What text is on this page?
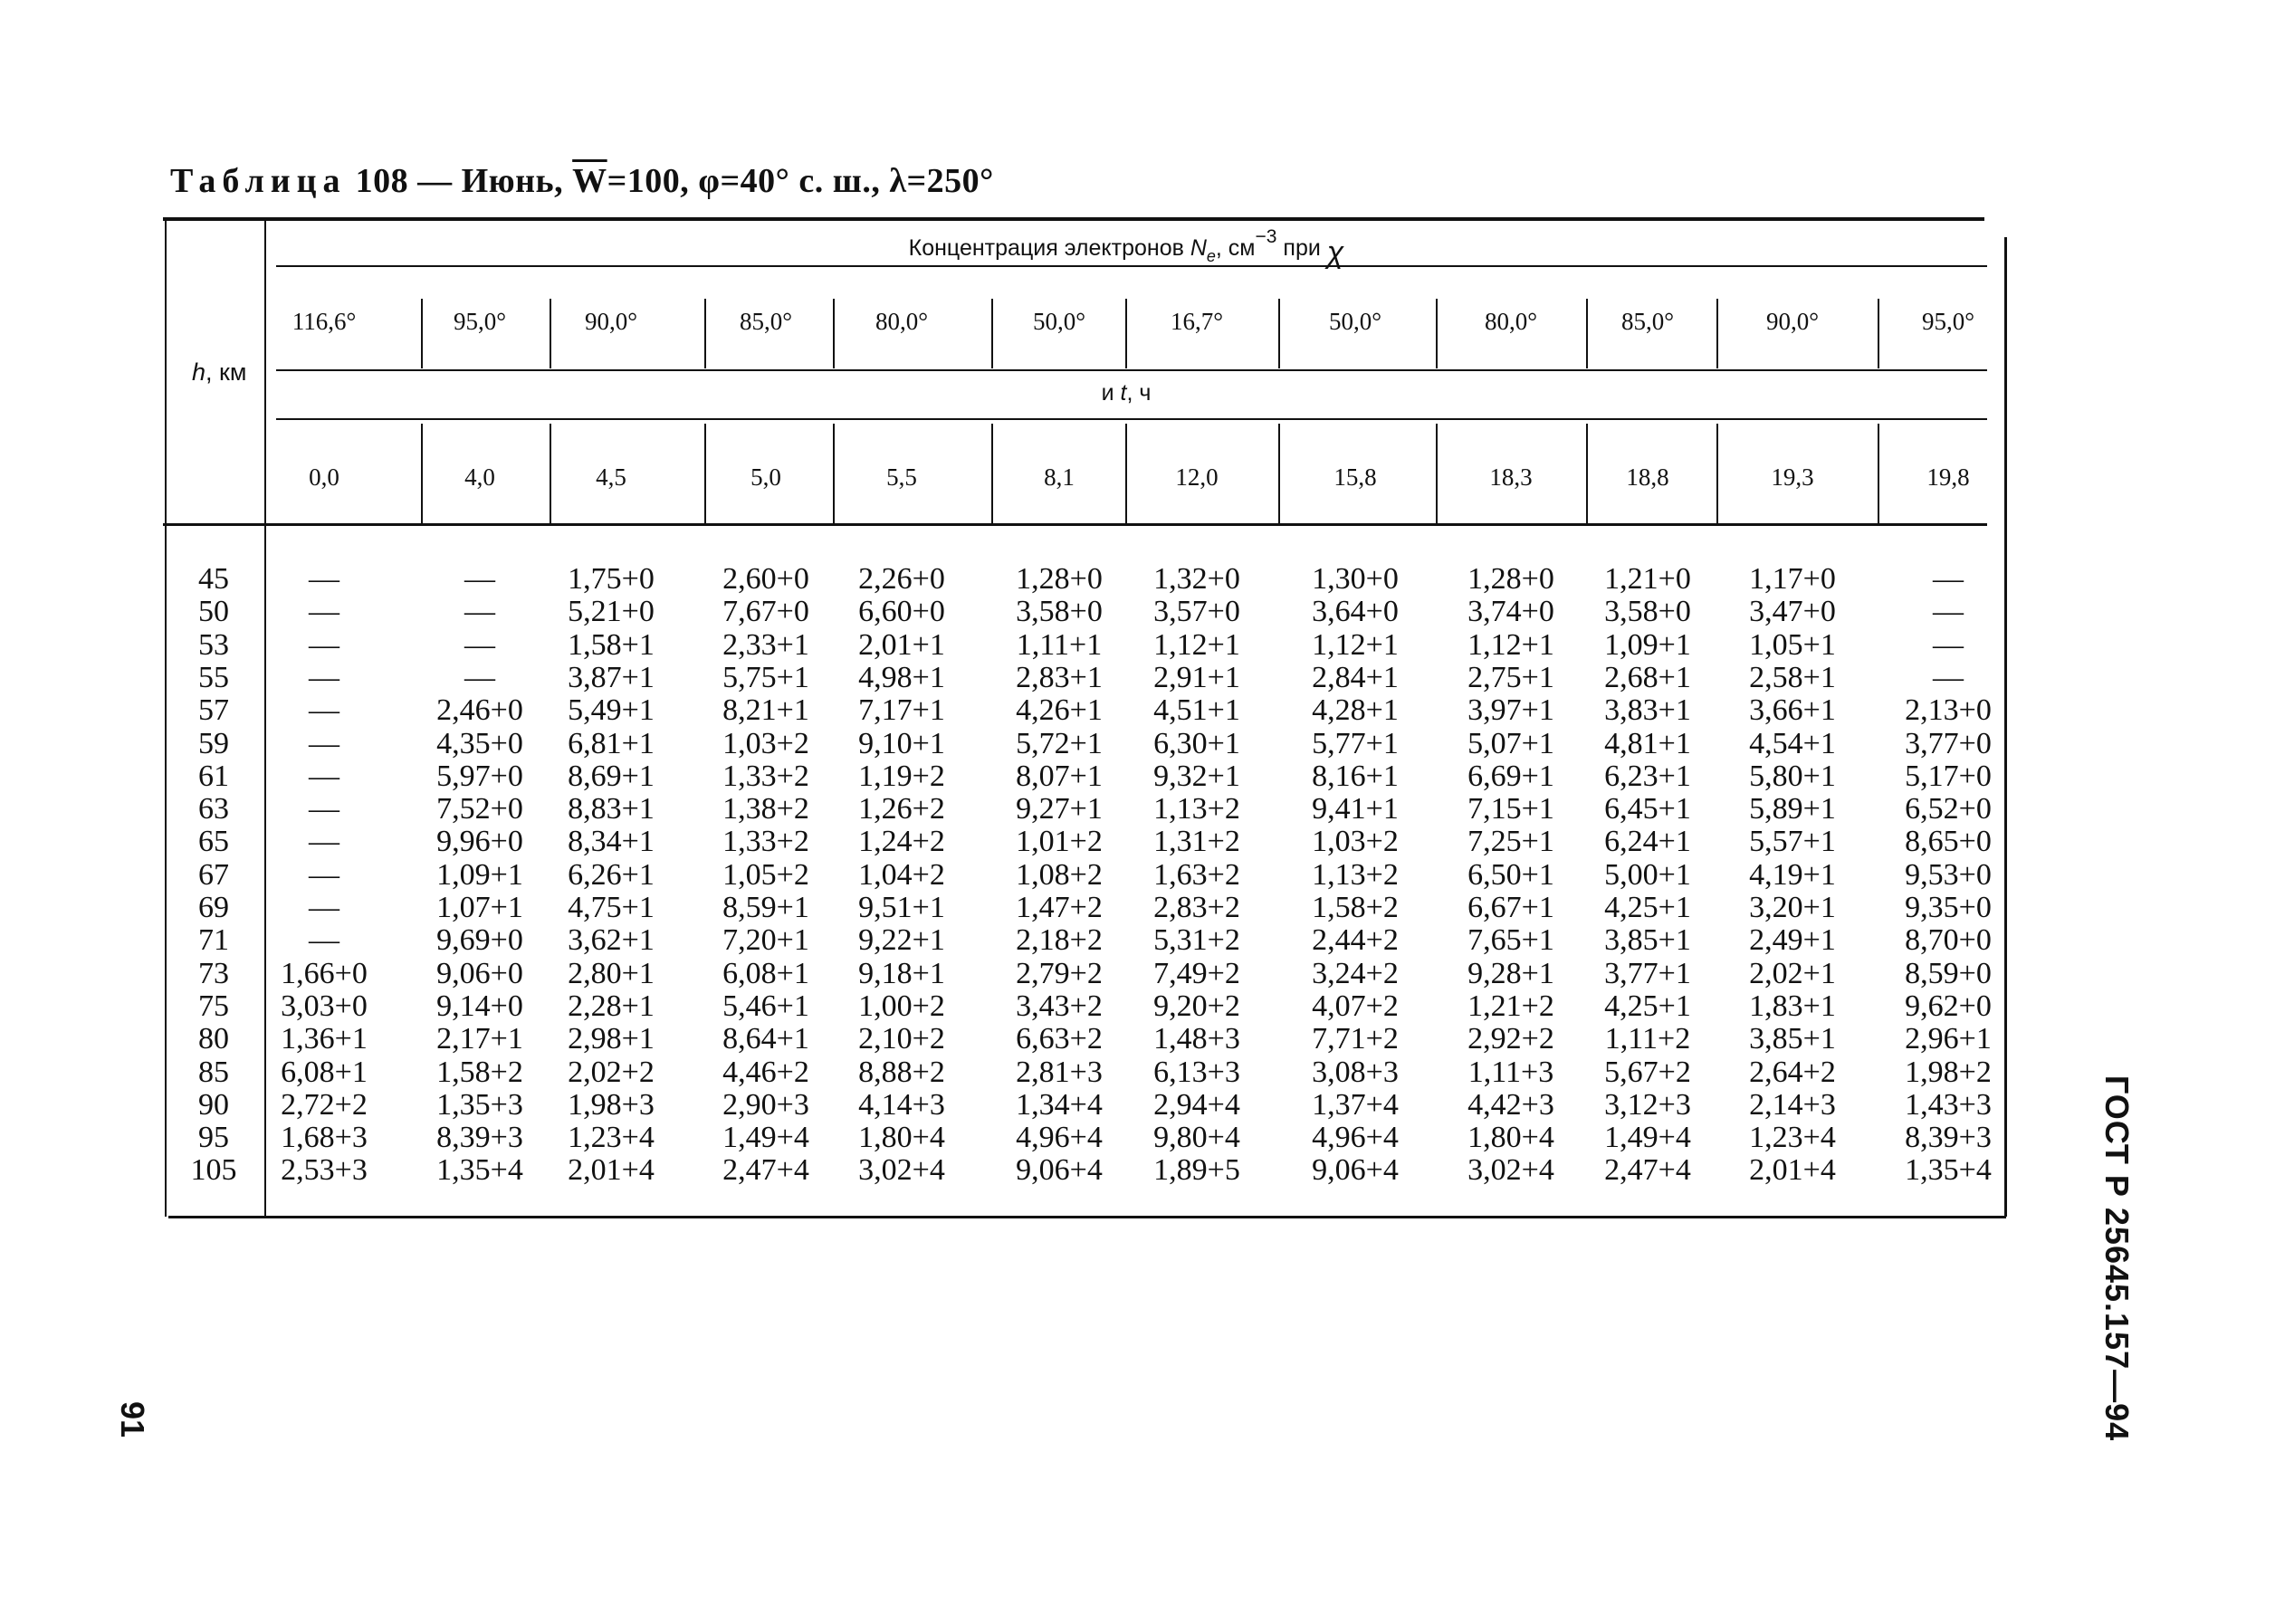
Таблица 108 — Июнь, $\overline{W}=100$, φ=40° с. ш., λ=250°
Концентрация электронов $N_e$, $см^{-3}$ при χ
и t, ч
h, км
116,6°	95,0°	90,0°	85,0°	80,0°	50,0°	16,7°	50,0°	80,0°	85,0°	90,0°	95,0°
0,0	4,0	4,5	5,0	5,5	8,1	12,0	15,8	18,3	18,8	19,3	19,8
45	—	— 1,75+0 2,60+0 2,26+0 1,28+0 1,32+0 1,30+0 1,28+0 1,21+0 1,17+0	—
50	—	— 5,21+0 7,67+0 6,60+0 3,58+0 3,57+0 3,64+0 3,74+0 3,58+0 3,47+0	—
53	—	— 1,58+1 2,33+1 2,01+1 1,11+1 1,12+1 1,12+1 1,12+1 1,09+1 1,05+1	—
55	—	— 3,87+1 5,75+1 4,98+1 2,83+1 2,91+1 2,84+1 2,75+1 2,68+1 2,58+1	—
57	—	2,46+0 5,49+1 8,21+1 7,17+1 4,26+1 4,51+1 4,28+1 3,97+1 3,83+1 3,66+1 2,13+0
59	—	4,35+0 6,81+1 1,03+2 9,10+1 5,72+1 6,30+1 5,77+1 5,07+1 4,81+1 4,54+1 3,77+0
61	—	5,97+0 8,69+1 1,33+2 1,19+2 8,07+1 9,32+1 8,16+1 6,69+1 6,23+1 5,80+1 5,17+0
63	—	7,52+0 8,83+1 1,38+2 1,26+2 9,27+1 1,13+2 9,41+1 7,15+1 6,45+1 5,89+1 6,52+0
65	—	9,96+0 8,34+1 1,33+2 1,24+2 1,01+2 1,31+2 1,03+2 7,25+1 6,24+1 5,57+1 8,65+0
67	—	1,09+1 6,26+1 1,05+2 1,04+2 1,08+2 1,63+2 1,13+2 6,50+1 5,00+1 4,19+1 9,53+0
69	—	1,07+1 4,75+1 8,59+1 9,51+1 1,47+2 2,83+2 1,58+2 6,67+1 4,25+1 3,20+1 9,35+0
71	—	9,69+0 3,62+1 7,20+1 9,22+1 2,18+2 5,31+2 2,44+2 7,65+1 3,85+1 2,49+1 8,70+0
73 1,66+0 9,06+0 2,80+1 6,08+1 9,18+1 2,79+2 7,49+2 3,24+2 9,28+1 3,77+1 2,02+1 8,59+0
75 3,03+0 9,14+0 2,28+1 5,46+1 1,00+2 3,43+2 9,20+2 4,07+2 1,21+2 4,25+1 1,83+1 9,62+0
80 1,36+1 2,17+1 2,98+1 8,64+1 2,10+2 6,63+2 1,48+3 7,71+2 2,92+2 1,11+2 3,85+1 2,96+1
85 6,08+1 1,58+2 2,02+2 4,46+2 8,88+2 2,81+3 6,13+3 3,08+3 1,11+3 5,67+2 2,64+2 1,98+2
90 2,72+2 1,35+3 1,98+3 2,90+3 4,14+3 1,34+4 2,94+4 1,37+4 4,42+3 3,12+3 2,14+3 1,43+3
95 1,68+3 8,39+3 1,23+4 1,49+4 1,80+4 4,96+4 9,80+4 4,96+4 1,80+4 1,49+4 1,23+4 8,39+3
105 2,53+3 1,35+4 2,01+4 2,47+4 3,02+4 9,06+4 1,89+5 9,06+4 3,02+4 2,47+4 2,01+4 1,35+4	ГОСТ Р 25645.157—94
91
